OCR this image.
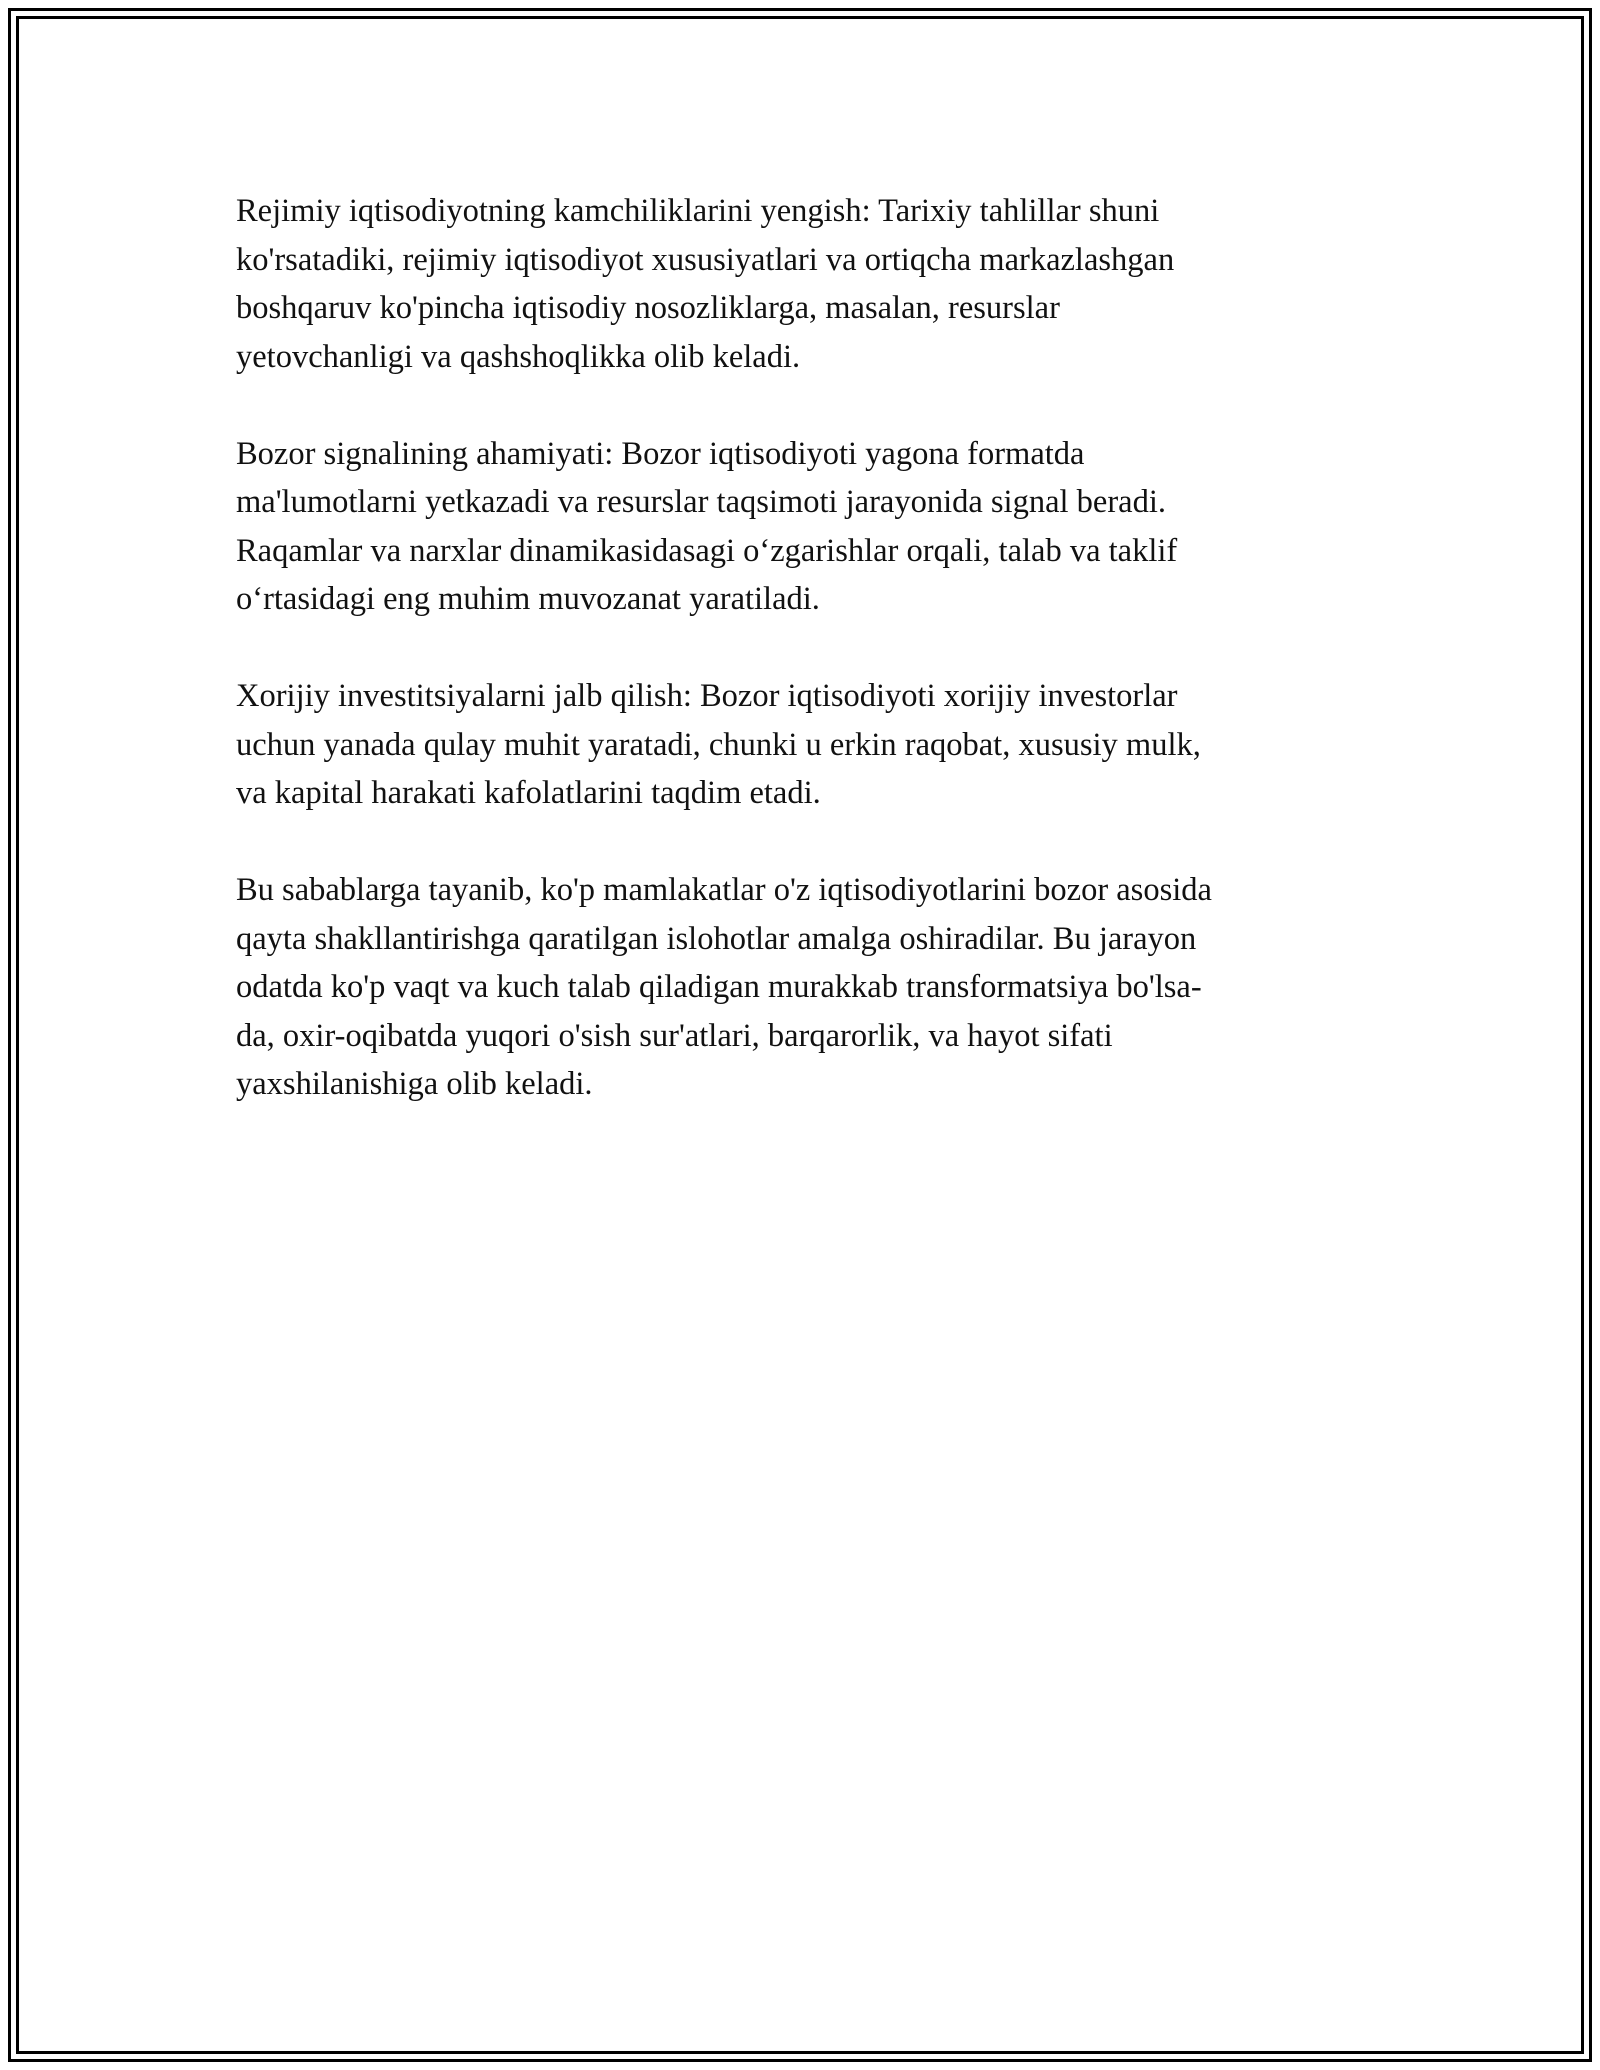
Rejimiy iqtisodiyotning kamchiliklarini yengish: Tarixiy tahlillar shuni
ko'rsatadiki, rejimiy iqtisodiyot xususiyatlari va ortiqcha markazlashgan
boshqaruv ko'pincha iqtisodiy nosozliklarga, masalan, resurslar
yetovchanligi va qashshoqlikka olib keladi.

Bozor signalining ahamiyati: Bozor iqtisodiyoti yagona formatda
ma'lumotlarni yetkazadi va resurslar taqsimoti jarayonida signal beradi.
Raqamlar va narxlar dinamikasidasagi o‘zgarishlar orqali, talab va taklif
o‘rtasidagi eng muhim muvozanat yaratiladi.

Xorijiy investitsiyalarni jalb qilish: Bozor iqtisodiyoti xorijiy investorlar
uchun yanada qulay muhit yaratadi, chunki u erkin raqobat, xususiy mulk,
va kapital harakati kafolatlarini taqdim etadi.

Bu sabablarga tayanib, ko'p mamlakatlar o'z iqtisodiyotlarini bozor asosida
qayta shakllantirishga qaratilgan islohotlar amalga oshiradilar. Bu jarayon
odatda ko'p vaqt va kuch talab qiladigan murakkab transformatsiya bo'lsa-
da, oxir-oqibatda yuqori o'sish sur'atlari, barqarorlik, va hayot sifati
yaxshilanishiga olib keladi.
